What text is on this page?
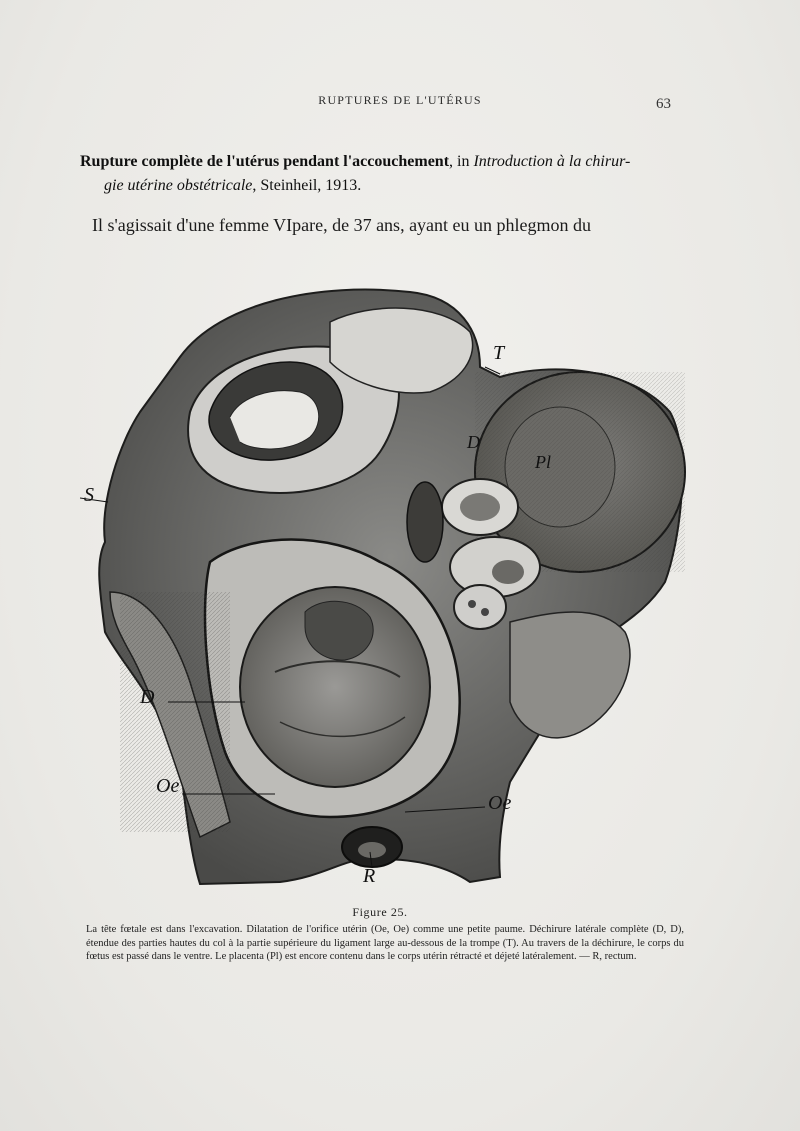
RUPTURES DE L'UTÉRUS	63
Rupture complète de l'utérus pendant l'accouchement, in Introduction à la chirur-
gie utérine obstétricale, Steinheil, 1913.
Il s'agissait d'une femme VIpare, de 37 ans, ayant eu un phlegmon du
T
D
Pl
S
D
Oe
Oe
R
Figure 25.
La tête fœtale est dans l'excavation. Dilatation de l'orifice utérin (Oe, Oe) comme une petite paume. Déchirure latérale complète (D, D), étendue des parties hautes du col à la partie supérieure du ligament large au-dessous de la trompe (T). Au travers de la déchirure, le corps du fœtus est passé dans le ventre. Le placenta (Pl) est encore contenu dans le corps utérin rétracté et déjeté latéralement. — R, rectum.
